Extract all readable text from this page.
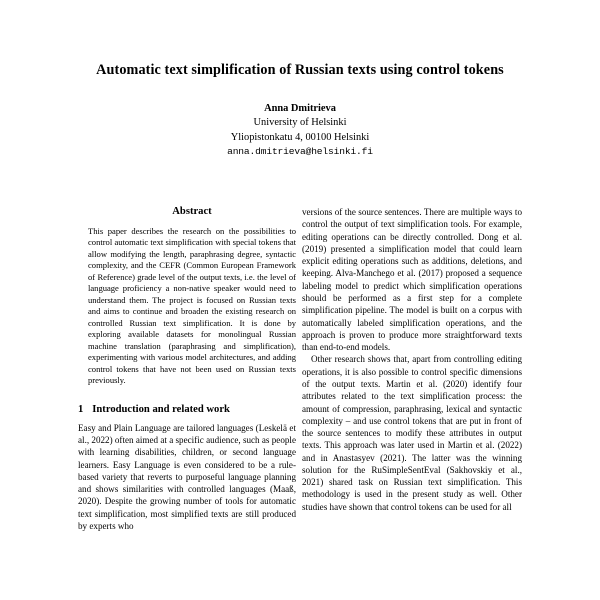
Automatic text simplification of Russian texts using control tokens
Anna Dmitrieva
University of Helsinki
Yliopistonkatu 4, 00100 Helsinki
anna.dmitrieva@helsinki.fi
Abstract

This paper describes the research on the possibilities to control automatic text simplification with special tokens that allow modifying the length, paraphrasing degree, syntactic complexity, and the CEFR (Common European Framework of Reference) grade level of the output texts, i.e. the level of language proficiency a non-native speaker would need to understand them. The project is focused on Russian texts and aims to continue and broaden the existing research on controlled Russian text simplification. It is done by exploring available datasets for monolingual Russian machine translation (paraphrasing and simplification), experimenting with various model architectures, and adding control tokens that have not been used on Russian texts previously.

1 Introduction and related work

Easy and Plain Language are tailored languages (Leskelä et al., 2022) often aimed at a specific audience, such as people with learning disabilities, children, or second language learners. Easy Language is even considered to be a rule-based variety that reverts to purposeful language planning and shows similarities with controlled languages (Maaß, 2020). Despite the growing number of tools for automatic text simplification, most simplified texts are still produced by experts who

versions of the source sentences. There are multiple ways to control the output of text simplification tools. For example, editing operations can be directly controlled. Dong et al. (2019) presented a simplification model that could learn explicit editing operations such as additions, deletions, and keeping. Alva-Manchego et al. (2017) proposed a sequence labeling model to predict which simplification operations should be performed as a first step for a complete simplification pipeline. The model is built on a corpus with automatically labeled simplification operations, and the approach is proven to produce more straightforward texts than end-to-end models.

Other research shows that, apart from controlling editing operations, it is also possible to control specific dimensions of the output texts. Martin et al. (2020) identify four attributes related to the text simplification process: the amount of compression, paraphrasing, lexical and syntactic complexity – and use control tokens that are put in front of the source sentences to modify these attributes in output texts. This approach was later used in Martin et al. (2022) and in Anastasyev (2021). The latter was the winning solution for the RuSimpleSentEval (Sakhovskiy et al., 2021) shared task on Russian text simplification. This methodology is used in the present study as well. Other studies have shown that control tokens can be used for all
